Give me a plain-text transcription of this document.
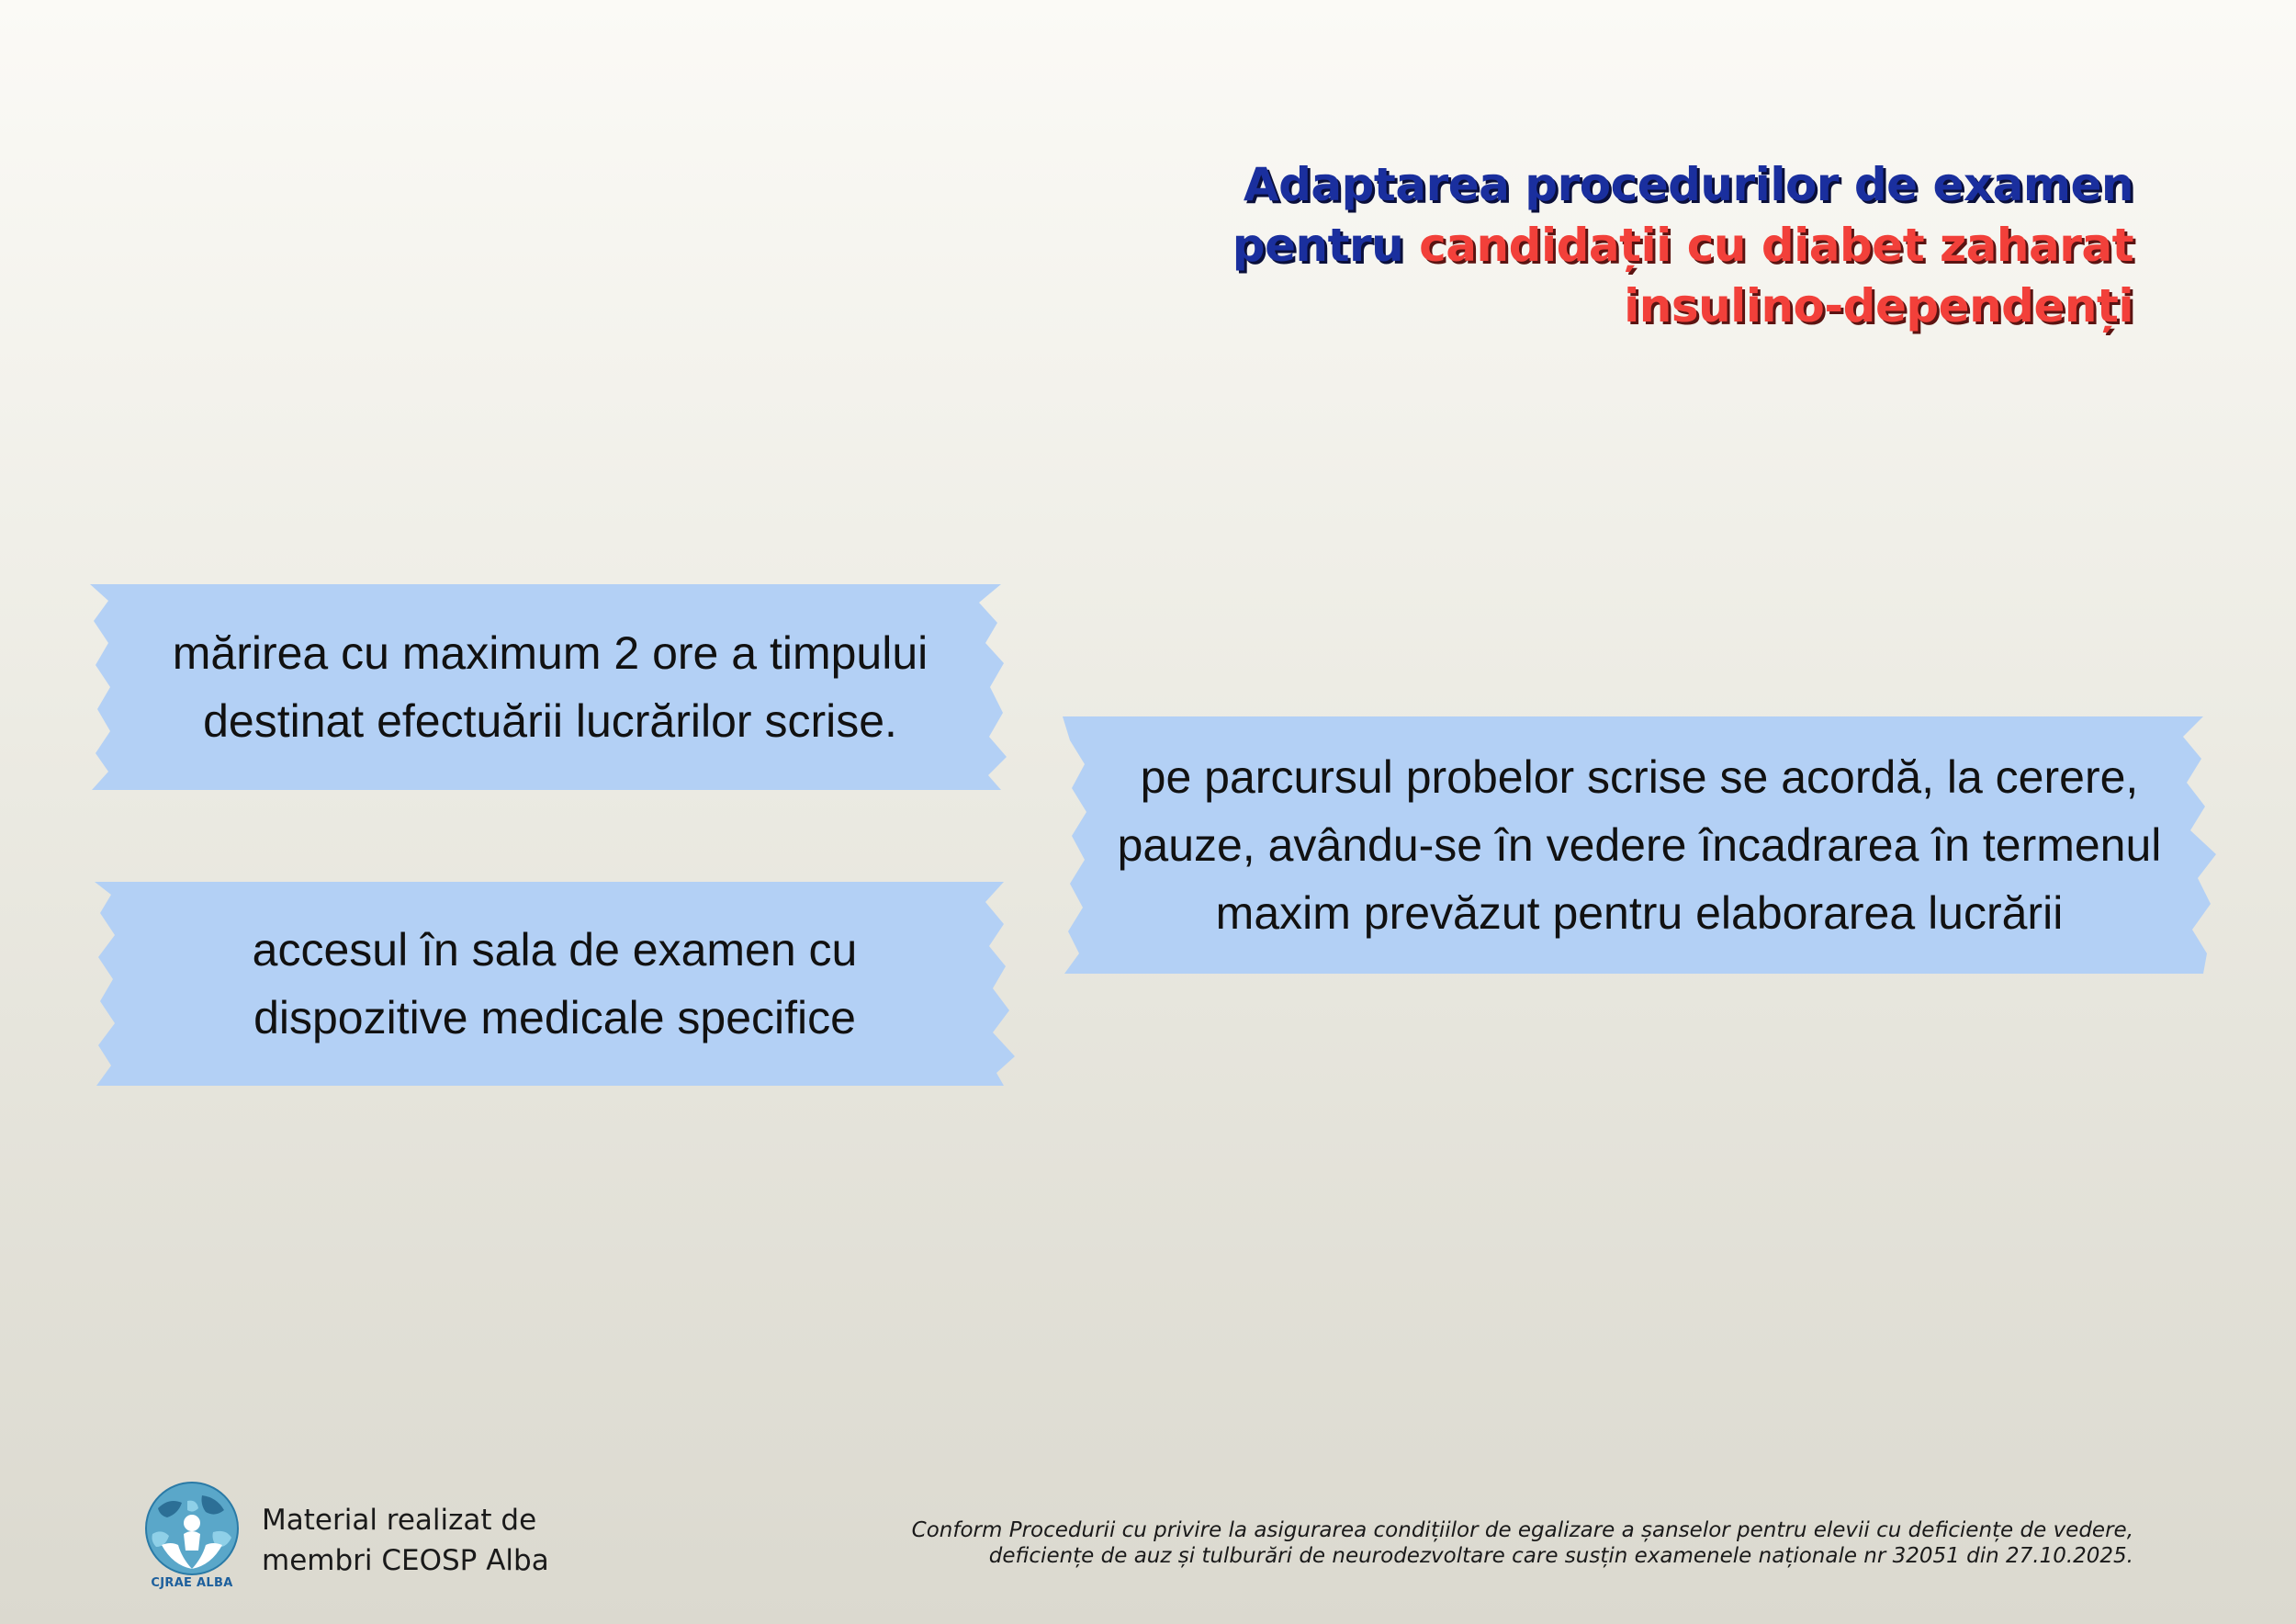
Adaptarea procedurilor de examen
pentru candidații cu diabet zaharat
insulino-dependenți
mărirea cu maximum 2 ore a timpului
destinat efectuării lucrărilor scrise.
accesul în sala de examen cu
dispozitive medicale specifice
pe parcursul probelor scrise se acordă, la cerere,
pauze, avându-se în vedere încadrarea în termenul
maxim prevăzut pentru elaborarea lucrării
CJRAE ALBA
Material realizat de
membri CEOSP Alba
Conform Procedurii cu privire la asigurarea condițiilor de egalizare a șanselor pentru elevii cu deficiențe de vedere,
deficiențe de auz și tulburări de neurodezvoltare care susțin examenele naționale nr 32051 din 27.10.2025.
